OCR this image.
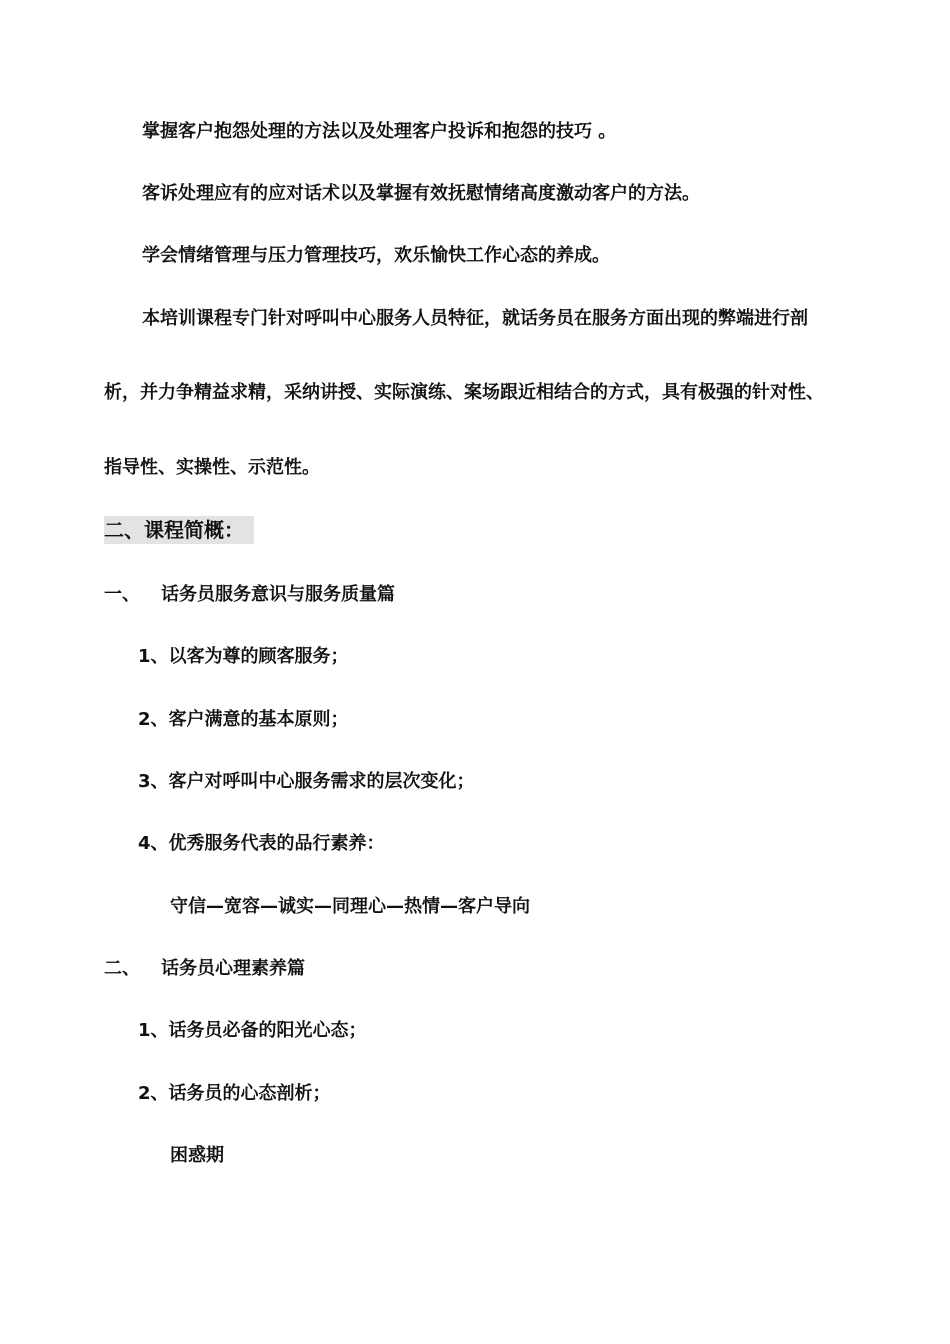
掌握客户抱怨处理的方法以及处理客户投诉和抱怨的技巧 。
客诉处理应有的应对话术以及掌握有效抚慰情绪高度激动客户的方法。
学会情绪管理与压力管理技巧，欢乐愉快工作心态的养成。
本培训课程专门针对呼叫中心服务人员特征，就话务员在服务方面出现的弊端进行剖
析，并力争精益求精，采纳讲授、实际演练、案场跟近相结合的方式，具有极强的针对性、
指导性、实操性、示范性。
二、课程简概：
一、 话务员服务意识与服务质量篇
1、以客为尊的顾客服务；
2、客户满意的基本原则；
3、客户对呼叫中心服务需求的层次变化；
4、优秀服务代表的品行素养：
守信—宽容—诚实—同理心—热情—客户导向
二、 话务员心理素养篇
1、话务员必备的阳光心态；
2、话务员的心态剖析；
困惑期
